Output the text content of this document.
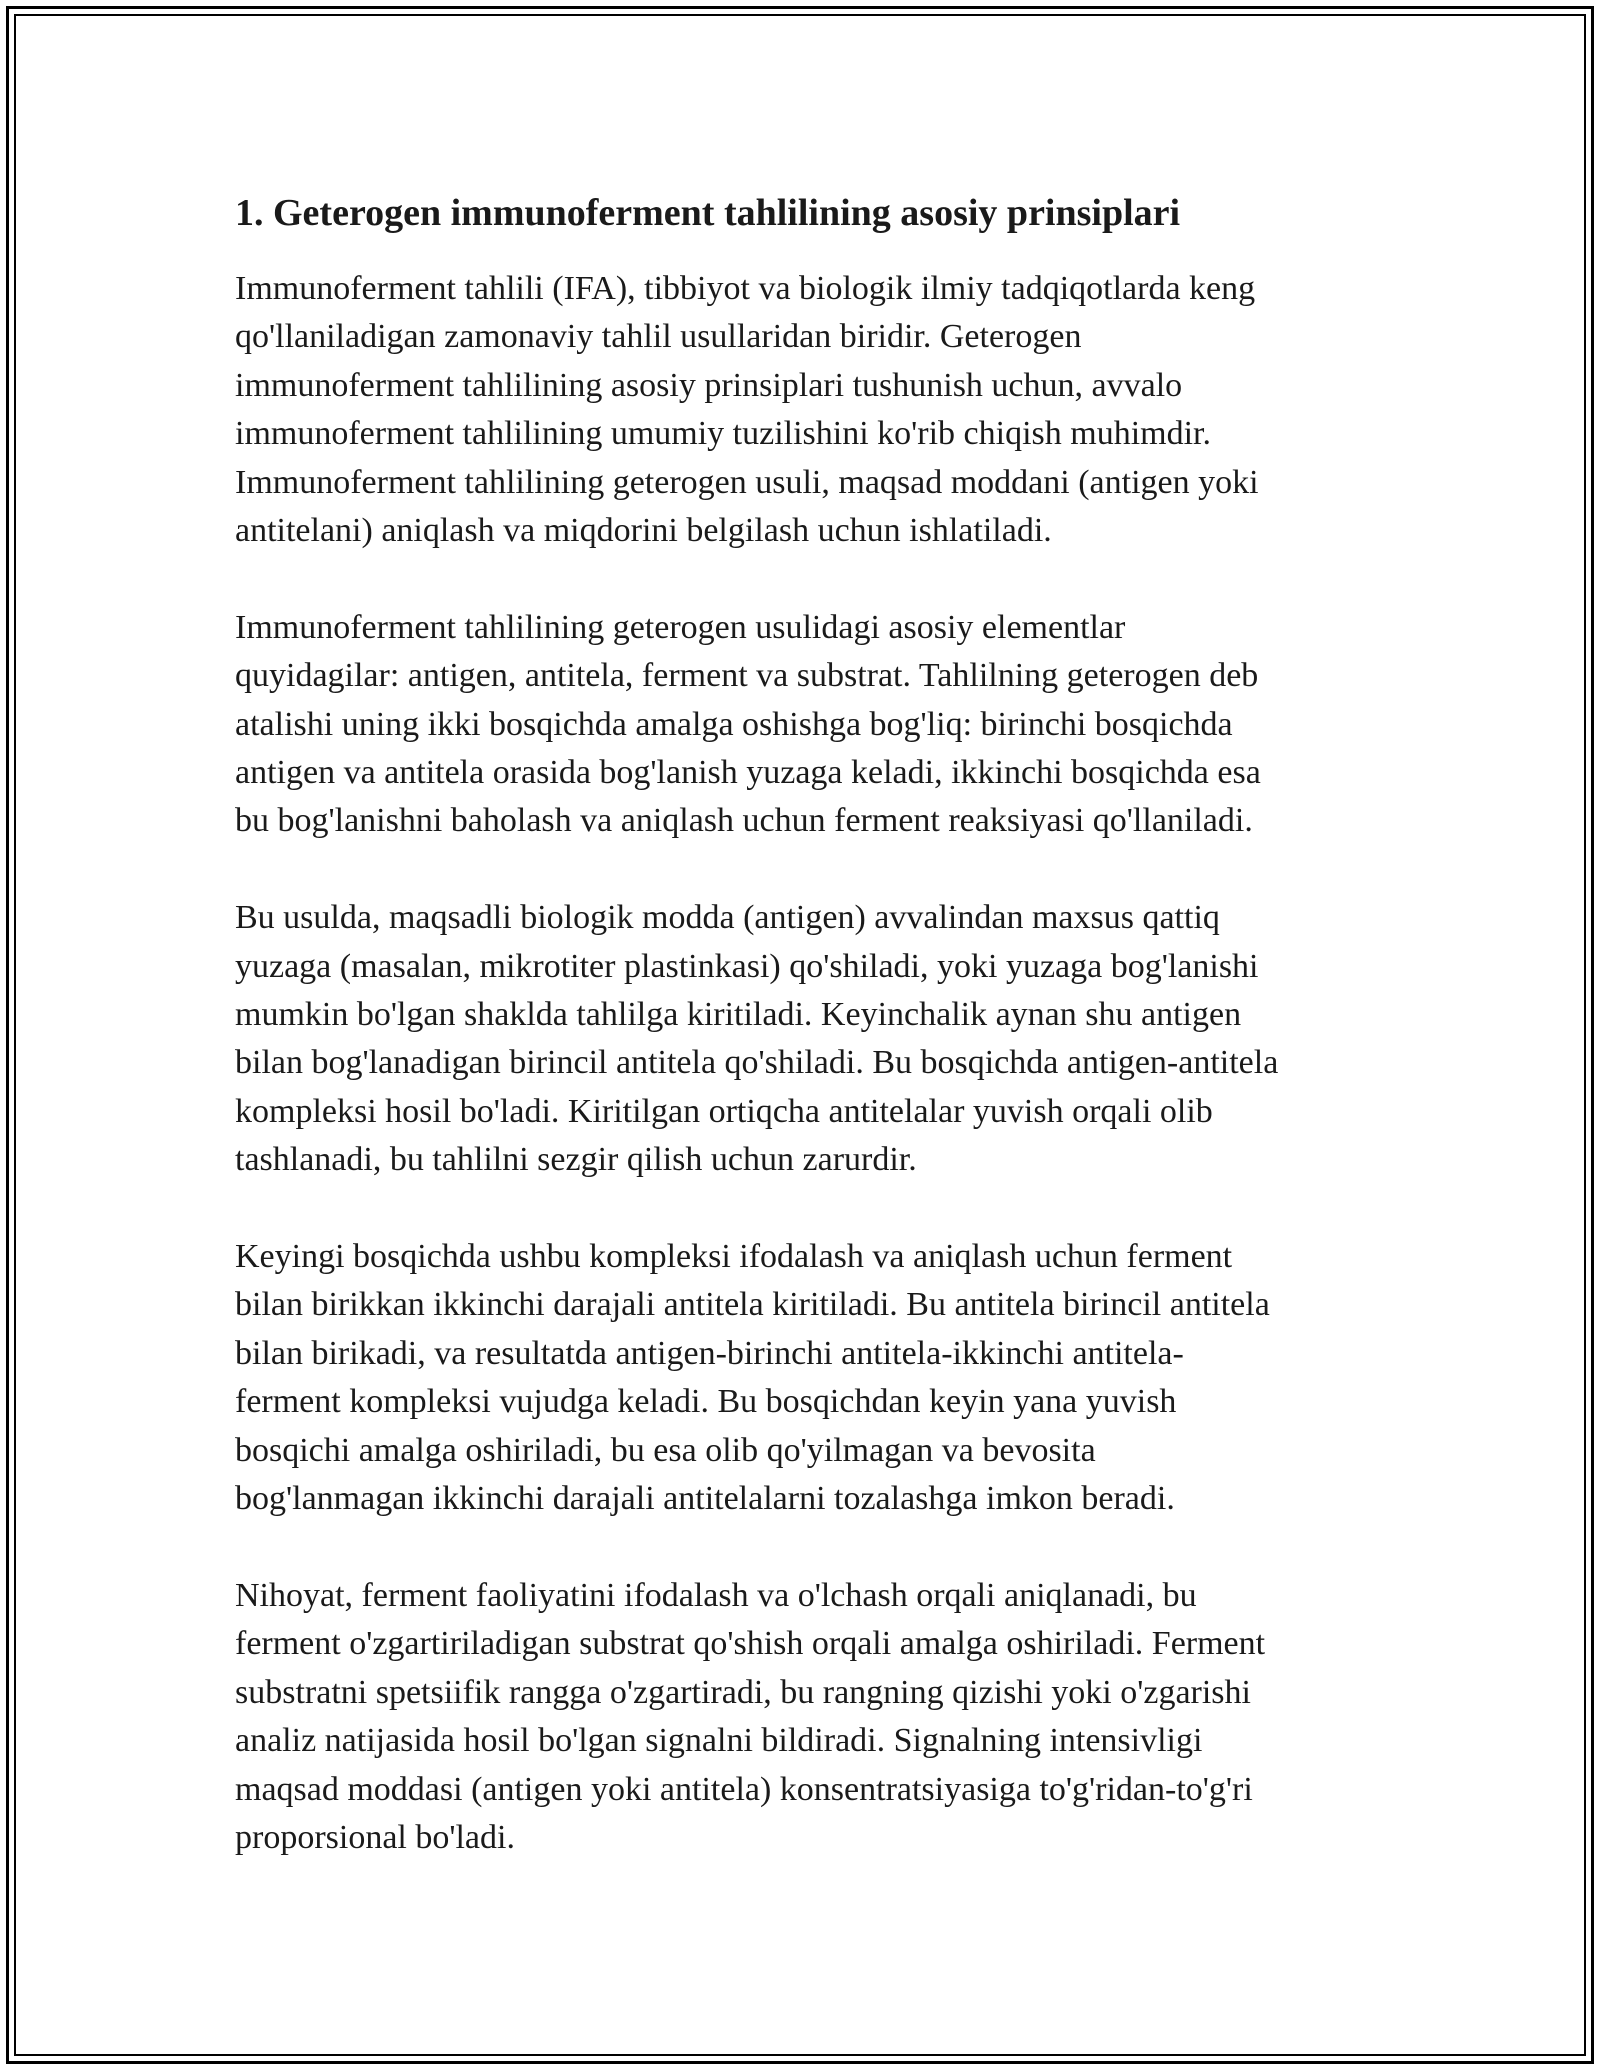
1. Geterogen immunoferment tahlilining asosiy prinsiplari

Immunoferment tahlili (IFA), tibbiyot va biologik ilmiy tadqiqotlarda keng
qo'llaniladigan zamonaviy tahlil usullaridan biridir. Geterogen
immunoferment tahlilining asosiy prinsiplari tushunish uchun, avvalo
immunoferment tahlilining umumiy tuzilishini ko'rib chiqish muhimdir.
Immunoferment tahlilining geterogen usuli, maqsad moddani (antigen yoki
antitelani) aniqlash va miqdorini belgilash uchun ishlatiladi.

Immunoferment tahlilining geterogen usulidagi asosiy elementlar
quyidagilar: antigen, antitela, ferment va substrat. Tahlilning geterogen deb
atalishi uning ikki bosqichda amalga oshishga bog'liq: birinchi bosqichda
antigen va antitela orasida bog'lanish yuzaga keladi, ikkinchi bosqichda esa
bu bog'lanishni baholash va aniqlash uchun ferment reaksiyasi qo'llaniladi.

Bu usulda, maqsadli biologik modda (antigen) avvalindan maxsus qattiq
yuzaga (masalan, mikrotiter plastinkasi) qo'shiladi, yoki yuzaga bog'lanishi
mumkin bo'lgan shaklda tahlilga kiritiladi. Keyinchalik aynan shu antigen
bilan bog'lanadigan birincil antitela qo'shiladi. Bu bosqichda antigen-antitela
kompleksi hosil bo'ladi. Kiritilgan ortiqcha antitelalar yuvish orqali olib
tashlanadi, bu tahlilni sezgir qilish uchun zarurdir.

Keyingi bosqichda ushbu kompleksi ifodalash va aniqlash uchun ferment
bilan birikkan ikkinchi darajali antitela kiritiladi. Bu antitela birincil antitela
bilan birikadi, va resultatda antigen-birinchi antitela-ikkinchi antitela-
ferment kompleksi vujudga keladi. Bu bosqichdan keyin yana yuvish
bosqichi amalga oshiriladi, bu esa olib qo'yilmagan va bevosita
bog'lanmagan ikkinchi darajali antitelalarni tozalashga imkon beradi.

Nihoyat, ferment faoliyatini ifodalash va o'lchash orqali aniqlanadi, bu
ferment o'zgartiriladigan substrat qo'shish orqali amalga oshiriladi. Ferment
substratni spetsiifik rangga o'zgartiradi, bu rangning qizishi yoki o'zgarishi
analiz natijasida hosil bo'lgan signalni bildiradi. Signalning intensivligi
maqsad moddasi (antigen yoki antitela) konsentratsiyasiga to'g'ridan-to'g'ri
proporsional bo'ladi.
